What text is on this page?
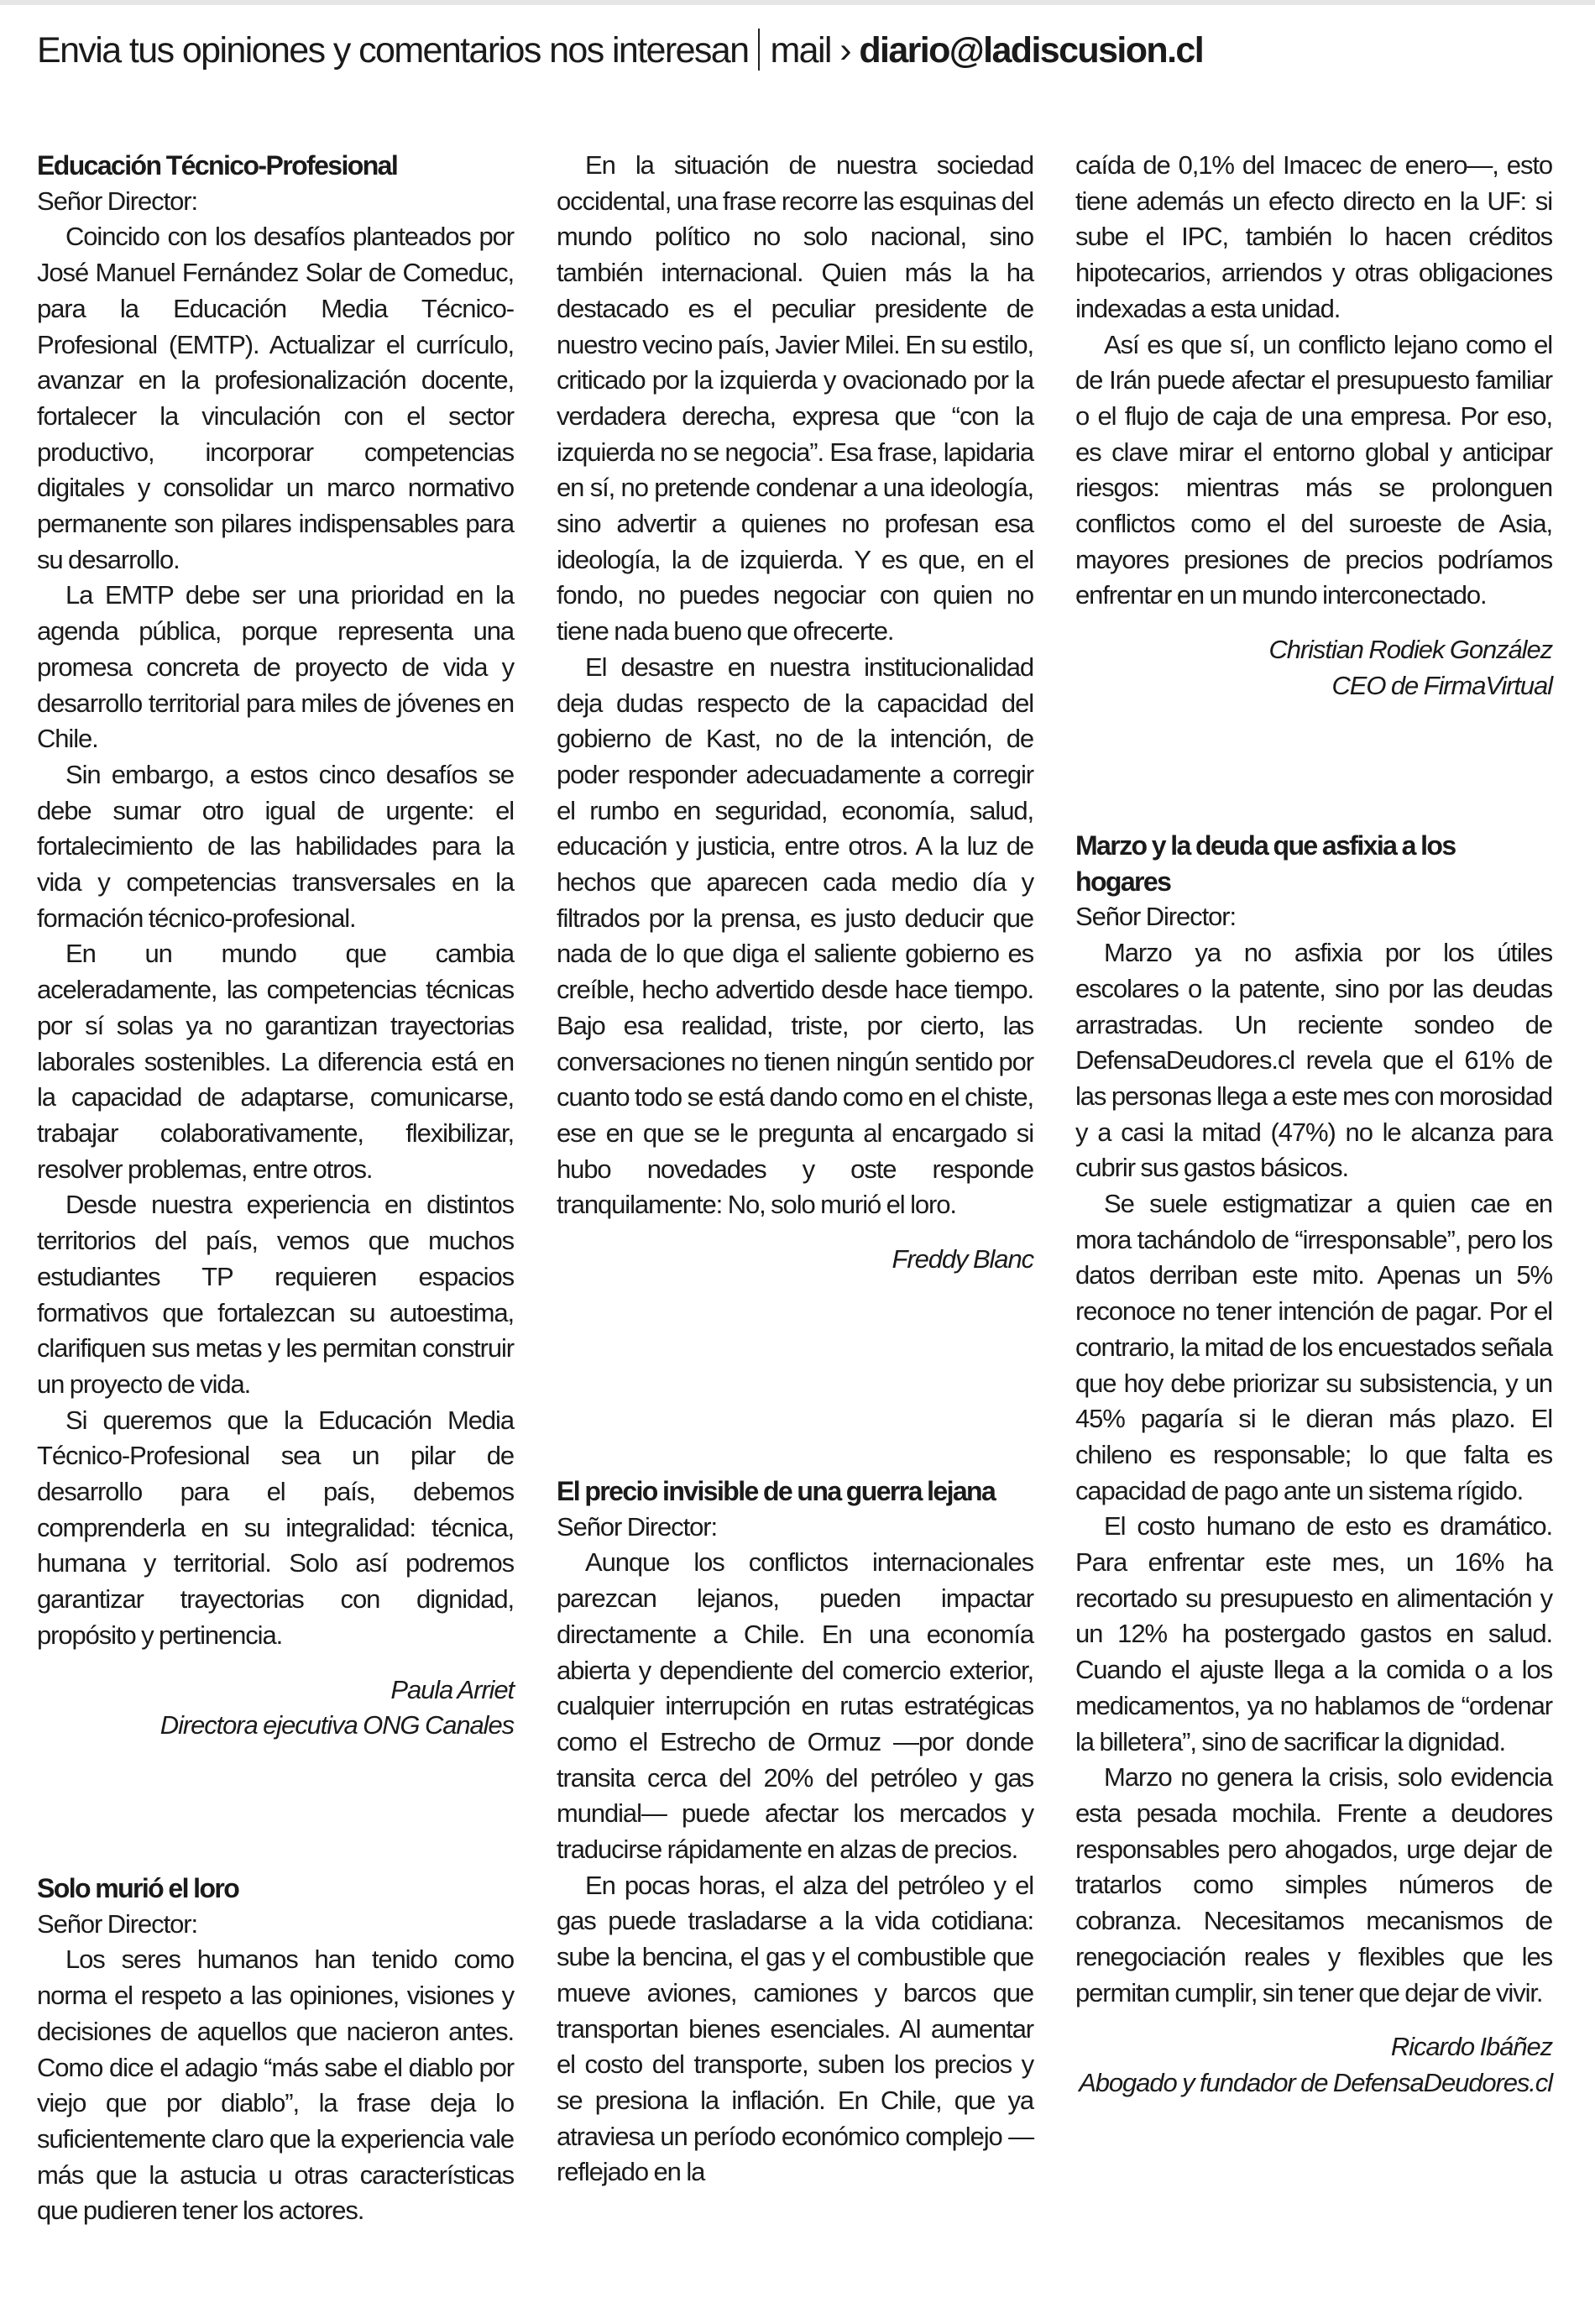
Envia tus opiniones y comentarios nos interesan mail › diario@ladiscusion.cl
Educación Técnico-Profesional
Señor Director:

Coincido con los desafíos planteados por José Manuel Fernández Solar de Comeduc, para la Educación Media Técnico-Profesional (EMTP). Actualizar el currículo, avanzar en la profesionalización docente, fortalecer la vinculación con el sector productivo, incorporar competencias digitales y consolidar un marco normativo permanente son pilares indispensables para su desarrollo.

La EMTP debe ser una prioridad en la agenda pública, porque representa una promesa concreta de proyecto de vida y desarrollo territorial para miles de jóvenes en Chile.

Sin embargo, a estos cinco desafíos se debe sumar otro igual de urgente: el fortalecimiento de las habilidades para la vida y competencias transversales en la formación técnico-profesional.

En un mundo que cambia aceleradamente, las competencias técnicas por sí solas ya no garantizan trayectorias laborales sostenibles. La diferencia está en la capacidad de adaptarse, comunicarse, trabajar colaborativamente, flexibilizar, resolver problemas, entre otros.

Desde nuestra experiencia en distintos territorios del país, vemos que muchos estudiantes TP requieren espacios formativos que fortalezcan su autoestima, clarifiquen sus metas y les permitan construir un proyecto de vida.

Si queremos que la Educación Media Técnico-Profesional sea un pilar de desarrollo para el país, debemos comprenderla en su integralidad: técnica, humana y territorial. Solo así podremos garantizar trayectorias con dignidad, propósito y pertinencia.

Paula Arriet
Directora ejecutiva ONG Canales
Solo murió el loro
Señor Director:

Los seres humanos han tenido como norma el respeto a las opiniones, visiones y decisiones de aquellos que nacieron antes. Como dice el adagio “más sabe el diablo por viejo que por diablo”, la frase deja lo suficientemente claro que la experiencia vale más que la astucia u otras características que pudieren tener los actores.

En la situación de nuestra sociedad occidental, una frase recorre las esquinas del mundo político no solo nacional, sino también internacional. Quien más la ha destacado es el peculiar presidente de nuestro vecino país, Javier Milei. En su estilo, criticado por la izquierda y ovacionado por la verdadera derecha, expresa que “con la izquierda no se negocia”. Esa frase, lapidaria en sí, no pretende condenar a una ideología, sino advertir a quienes no profesan esa ideología, la de izquierda. Y es que, en el fondo, no puedes negociar con quien no tiene nada bueno que ofrecerte.

El desastre en nuestra institucionalidad deja dudas respecto de la capacidad del gobierno de Kast, no de la intención, de poder responder adecuadamente a corregir el rumbo en seguridad, economía, salud, educación y justicia, entre otros. A la luz de hechos que aparecen cada medio día y filtrados por la prensa, es justo deducir que nada de lo que diga el saliente gobierno es creíble, hecho advertido desde hace tiempo. Bajo esa realidad, triste, por cierto, las conversaciones no tienen ningún sentido por cuanto todo se está dando como en el chiste, ese en que se le pregunta al encargado si hubo novedades y oste responde tranquilamente: No, solo murió el loro.

Freddy Blanc
El precio invisible de una guerra lejana
Señor Director:

Aunque los conflictos internacionales parezcan lejanos, pueden impactar directamente a Chile. En una economía abierta y dependiente del comercio exterior, cualquier interrupción en rutas estratégicas como el Estrecho de Ormuz —por donde transita cerca del 20% del petróleo y gas mundial— puede afectar los mercados y traducirse rápidamente en alzas de precios.

En pocas horas, el alza del petróleo y el gas puede trasladarse a la vida cotidiana: sube la bencina, el gas y el combustible que mueve aviones, camiones y barcos que transportan bienes esenciales. Al aumentar el costo del transporte, suben los precios y se presiona la inflación. En Chile, que ya atraviesa un período económico complejo —reflejado en la

caída de 0,1% del Imacec de enero—, esto tiene además un efecto directo en la UF: si sube el IPC, también lo hacen créditos hipotecarios, arriendos y otras obligaciones indexadas a esta unidad.

Así es que sí, un conflicto lejano como el de Irán puede afectar el presupuesto familiar o el flujo de caja de una empresa. Por eso, es clave mirar el entorno global y anticipar riesgos: mientras más se prolonguen conflictos como el del suroeste de Asia, mayores presiones de precios podríamos enfrentar en un mundo interconectado.

Christian Rodiek González
CEO de FirmaVirtual
Marzo y la deuda que asfixia a los hogares
Señor Director:

Marzo ya no asfixia por los útiles escolares o la patente, sino por las deudas arrastradas. Un reciente sondeo de DefensaDeudores.cl revela que el 61% de las personas llega a este mes con morosidad y a casi la mitad (47%) no le alcanza para cubrir sus gastos básicos.

Se suele estigmatizar a quien cae en mora tachándolo de “irresponsable”, pero los datos derriban este mito. Apenas un 5% reconoce no tener intención de pagar. Por el contrario, la mitad de los encuestados señala que hoy debe priorizar su subsistencia, y un 45% pagaría si le dieran más plazo. El chileno es responsable; lo que falta es capacidad de pago ante un sistema rígido.

El costo humano de esto es dramático. Para enfrentar este mes, un 16% ha recortado su presupuesto en alimentación y un 12% ha postergado gastos en salud. Cuando el ajuste llega a la comida o a los medicamentos, ya no hablamos de “ordenar la billetera”, sino de sacrificar la dignidad.

Marzo no genera la crisis, solo evidencia esta pesada mochila. Frente a deudores responsables pero ahogados, urge dejar de tratarlos como simples números de cobranza. Necesitamos mecanismos de renegociación reales y flexibles que les permitan cumplir, sin tener que dejar de vivir.

Ricardo Ibáñez
Abogado y fundador de DefensaDeudores.cl
